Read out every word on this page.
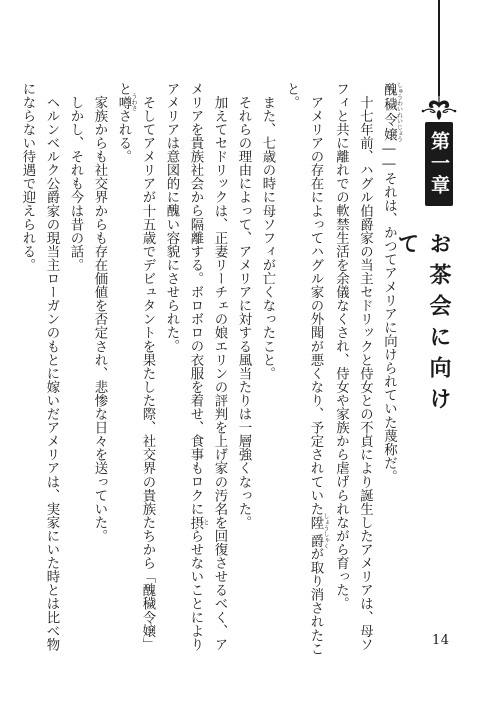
第一章
お茶会に向けて

醜穢令嬢 しゅうわいれいじょう――それは、かつてアメリアに向けられていた蔑称だ。

　十七年前、ハグル伯爵家の当主セドリックと侍女との不貞により誕生したアメリアは、母ソフィと共に離れでの軟禁生活を余儀なくされ、侍女や家族から虐げられながら育った。

　アメリアの存在によってハグル家の外聞が悪くなり、予定されていた陞爵 しょうしゃくが取り消されたこと。

　また、七歳の時に母ソフィが亡くなったこと。

　それらの理由によって、アメリアに対する風当たりは一層強くなった。

　加えてセドリックは、正妻リーチェの娘エリンの評判を上げ家の汚名を回復させるべく、アメリアを貴族社会から隔離する。ボロボロの衣服を着せ、食事もロクに摂 とらせないことによりアメリアは意図的に醜い容貌にさせられた。

　そしてアメリアが十五歳でデビュタントを果たした際、社交界の貴族たちから「醜穢令嬢」と噂 うわさされる。

　家族からも社交界からも存在価値を否定され、悲惨な日々を送っていた。

　しかし、それも今は昔の話。

　ヘルンベルク公爵家の現当主ローガンのもとに嫁いだアメリアは、実家にいた時とは比べ物にならない待遇で迎えられる。

14
